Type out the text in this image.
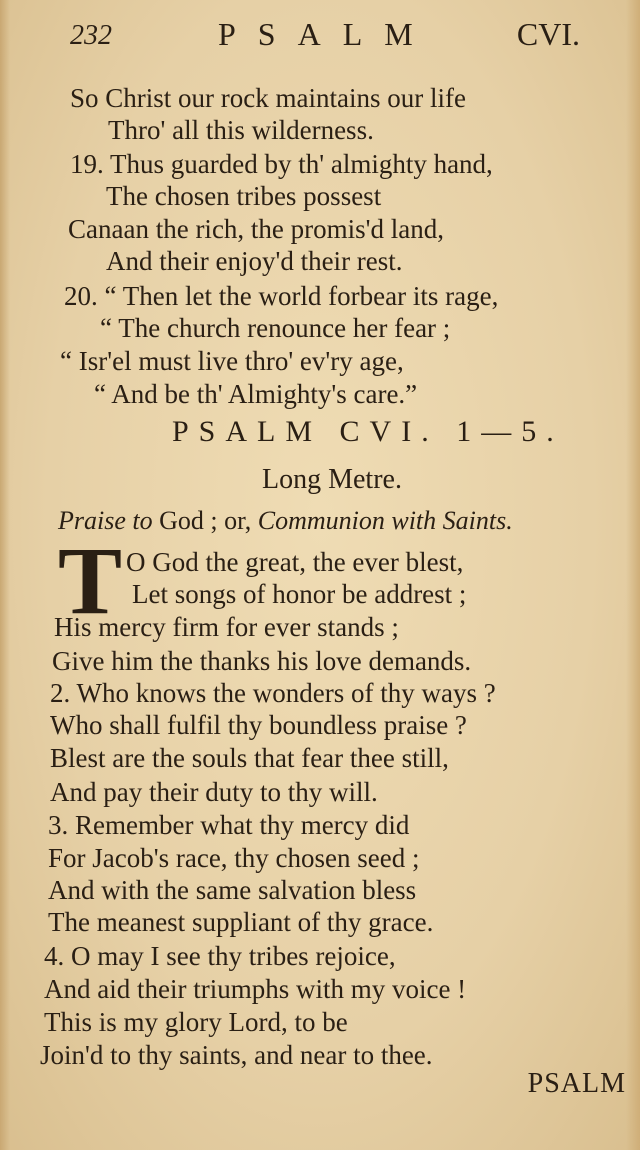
232	PSALM	CVI.
So Christ our rock maintains our life
Thro' all this wilderness.
19. Thus guarded by th' almighty hand,
The chosen tribes possest
Canaan the rich, the promis'd land,
And their enjoy'd their rest.
20. “ Then let the world forbear its rage,
“ The church renounce her fear ;
“ Isr'el must live thro' ev'ry age,
“ And be th' Almighty's care.”
PSALM CVI. 1—5.
Long Metre.
Praise to God ; or, Communion with Saints.
T O God the great, the ever blest,
Let songs of honor be addrest ;
His mercy firm for ever stands ;
Give him the thanks his love demands.
2. Who knows the wonders of thy ways ?
Who shall fulfil thy boundless praise ?
Blest are the souls that fear thee still,
And pay their duty to thy will.
3. Remember what thy mercy did
For Jacob's race, thy chosen seed ;
And with the same salvation bless
The meanest suppliant of thy grace.
4. O may I see thy tribes rejoice,
And aid their triumphs with my voice !
This is my glory Lord, to be
Join'd to thy saints, and near to thee.
PSALM
